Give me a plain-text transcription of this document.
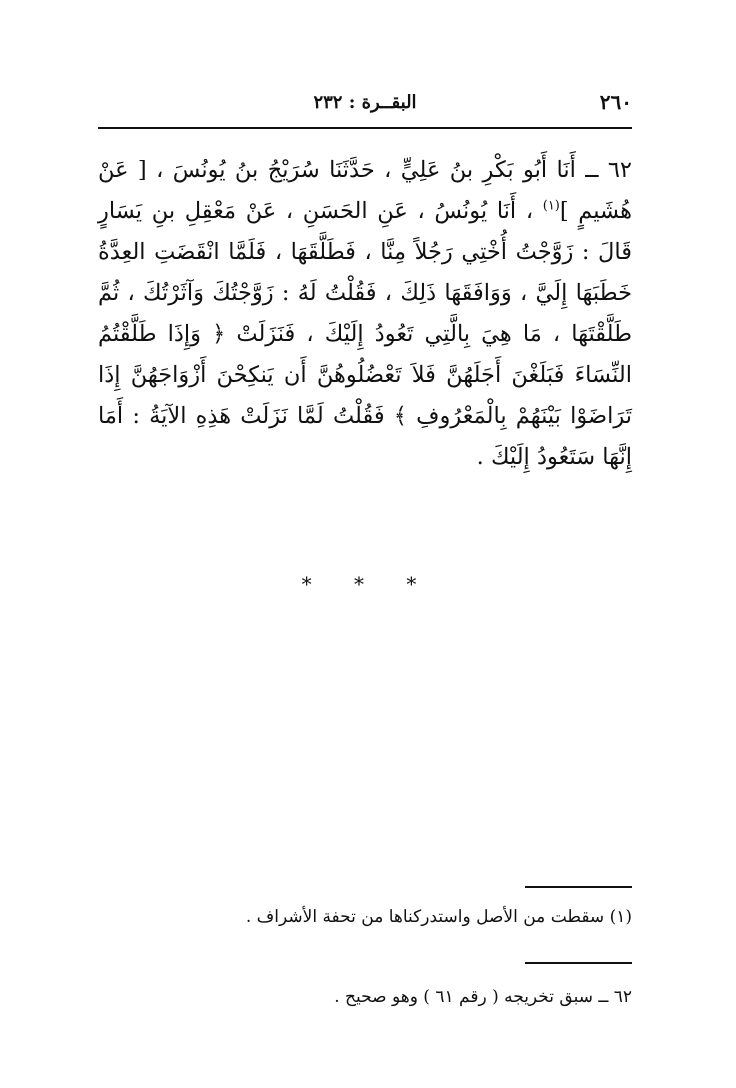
٢٦٠
البقــرة : ٢٣٢

٦٢ ــ أَنَا أَبُو بَكْرِ بنُ عَلِيٍّ ، حَدَّثَنَا سُرَيْجُ بنُ يُونُسَ ، [ عَنْ هُشَيمٍ ]$^{(١)}$ ، أَنَا يُونُسُ ، عَنِ الحَسَنِ ، عَنْ مَعْقِلِ بنِ يَسَارٍ قَالَ : زَوَّجْتُ أُخْتِي رَجُلاً مِنَّا ، فَطَلَّقَهَا ، فَلَمَّا انْقَضَتِ العِدَّةُ خَطَبَهَا إِلَيَّ ، وَوَافَقَهَا ذَلِكَ ، فَقُلْتُ لَهُ : زَوَّجْتُكَ وَآثَرْتُكَ ، ثُمَّ طَلَّقْتَهَا ، مَا هِيَ بِالَّتِي تَعُودُ إِلَيْكَ ، فَنَزَلَتْ ﴿ وَإِذَا طَلَّقْتُمُ النِّسَاءَ فَبَلَغْنَ أَجَلَهُنَّ فَلاَ تَعْضُلُوهُنَّ أَن يَنكِحْنَ أَزْوَاجَهُنَّ إِذَا تَرَاضَوْا بَيْنَهُمْ بِالْمَعْرُوفِ ﴾ فَقُلْتُ لَمَّا نَزَلَتْ هَذِهِ الآيَةُ : أَمَا إِنَّهَا سَتَعُودُ إِلَيْكَ .

* * *
(١) سقطت من الأصل واستدركناها من تحفة الأشراف .
٦٢ ــ سبق تخريجه ( رقم ٦١ ) وهو صحيح .
